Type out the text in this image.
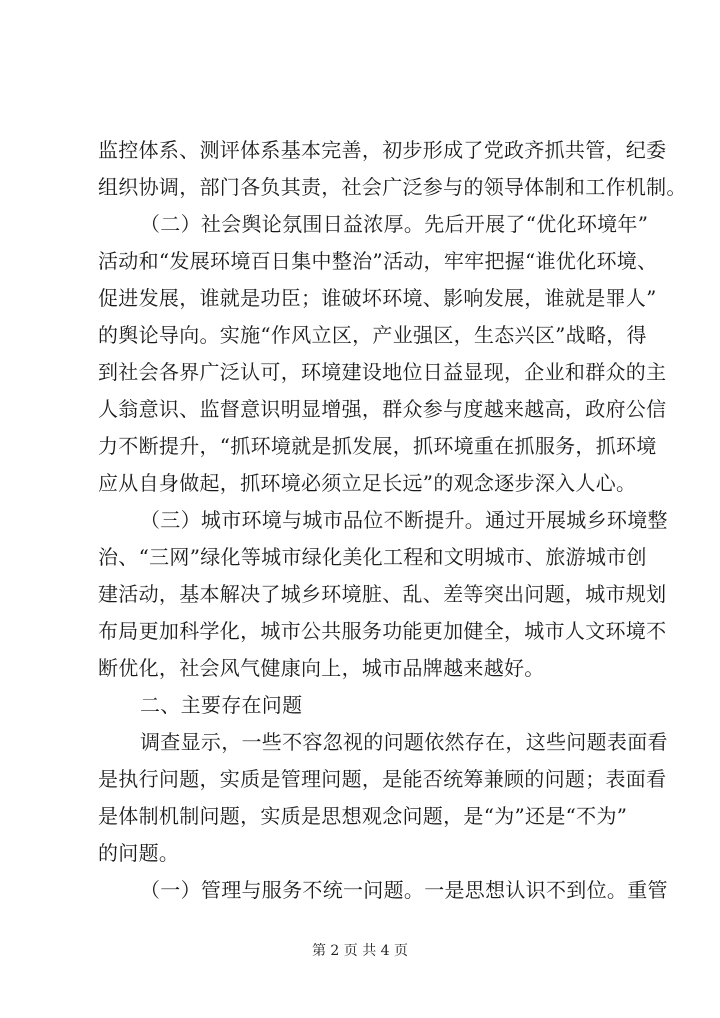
监控体系、测评体系基本完善，初步形成了党政齐抓共管，纪委
组织协调，部门各负其责，社会广泛参与的领导体制和工作机制。
（二）社会舆论氛围日益浓厚。先后开展了“优化环境年”
活动和“发展环境百日集中整治”活动，牢牢把握“谁优化环境、
促进发展，谁就是功臣；谁破坏环境、影响发展，谁就是罪人”
的舆论导向。实施“作风立区，产业强区，生态兴区”战略，得
到社会各界广泛认可，环境建设地位日益显现，企业和群众的主
人翁意识、监督意识明显增强，群众参与度越来越高，政府公信
力不断提升，“抓环境就是抓发展，抓环境重在抓服务，抓环境
应从自身做起，抓环境必须立足长远”的观念逐步深入人心。
（三）城市环境与城市品位不断提升。通过开展城乡环境整
治、“三网”绿化等城市绿化美化工程和文明城市、旅游城市创
建活动，基本解决了城乡环境脏、乱、差等突出问题，城市规划
布局更加科学化，城市公共服务功能更加健全，城市人文环境不
断优化，社会风气健康向上，城市品牌越来越好。
二、主要存在问题
调查显示，一些不容忽视的问题依然存在，这些问题表面看
是执行问题，实质是管理问题，是能否统筹兼顾的问题；表面看
是体制机制问题，实质是思想观念问题，是“为”还是“不为”
的问题。
（一）管理与服务不统一问题。一是思想认识不到位。重管
第 2 页 共 4 页
